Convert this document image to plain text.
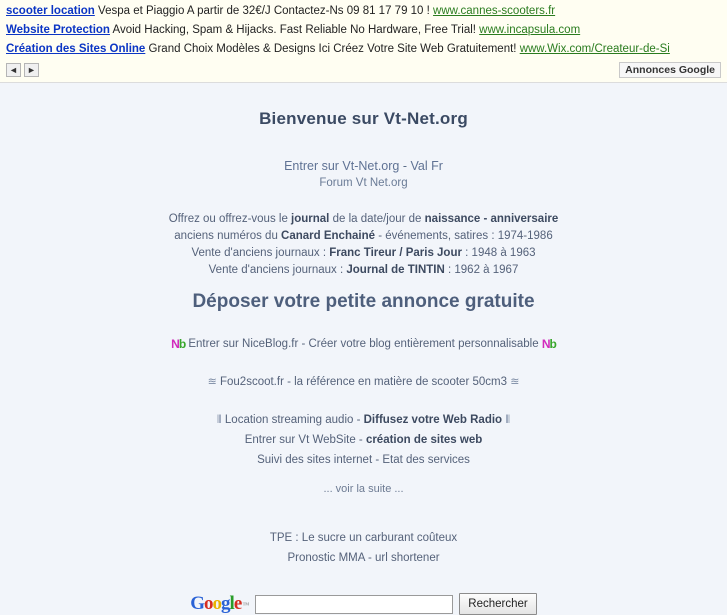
scooter location Vespa et Piaggio A partir de 32€/J Contactez-Ns 09 81 17 79 10 ! www.cannes-scooters.fr
Website Protection Avoid Hacking, Spam & Hijacks. Fast Reliable No Hardware, Free Trial! www.incapsula.com
Création des Sites Online Grand Choix Modèles & Designs Ici Créez Votre Site Web Gratuitement! www.Wix.com/Createur-de-Si
◄	►	Annonces Google
Bienvenue sur Vt-Net.org
Entrer sur Vt-Net.org - Val Fr
Forum Vt Net.org
Offrez ou offrez-vous le journal de la date/jour de naissance - anniversaire
anciens numéros du Canard Enchainé - événements, satires : 1974-1986
Vente d'anciens journaux : Franc Tireur / Paris Jour : 1948 à 1963
Vente d'anciens journaux : Journal de TINTIN : 1962 à 1967
Déposer votre petite annonce gratuite
Nb Entrer sur NiceBlog.fr - Créer votre blog entièrement personnalisable Nb
≊ Fou2scoot.fr - la référence en matière de scooter 50cm3 ≊
⦀ Location streaming audio - Diffusez votre Web Radio ⦀
Entrer sur Vt WebSite - création de sites web
Suivi des sites internet - Etat des services
... voir la suite ...
TPE : Le sucre un carburant coûteux
Pronostic MMA - url shortener
Google ™	Rechercher
